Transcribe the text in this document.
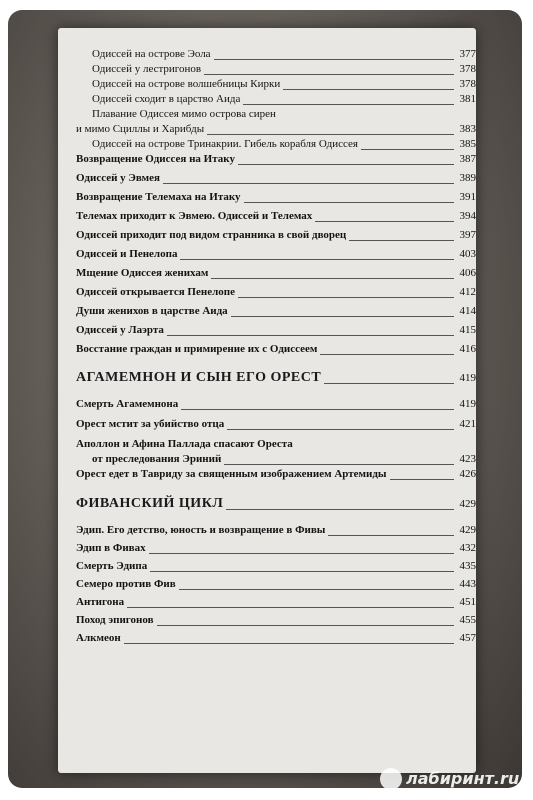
Одиссей на острове Эола	377
Одиссей у лестригонов	378
Одиссей на острове волшебницы Кирки	378
Одиссей сходит в царство Аида	381
Плавание Одиссея мимо острова сирен
и мимо Сциллы и Харибды	383
Одиссей на острове Тринакрии. Гибель корабля Одиссея	385
Возвращение Одиссея на Итаку	387
Одиссей у Эвмея	389
Возвращение Телемаха на Итаку	391
Телемах приходит к Эвмею. Одиссей и Телемах	394
Одиссей приходит под видом странника в свой дворец	397
Одиссей и Пенелопа	403
Мщение Одиссея женихам	406
Одиссей открывается Пенелопе	412
Души женихов в царстве Аида	414
Одиссей у Лаэрта	415
Восстание граждан и примирение их с Одиссеем	416
АГАМЕМНОН И СЫН ЕГО ОРЕСТ	419
Смерть Агамемнона	419
Орест мстит за убийство отца	421
Аполлон и Афина Паллада спасают Ореста
от преследования Эриний	423
Орест едет в Тавриду за священным изображением Артемиды	426
ФИВАНСКИЙ ЦИКЛ	429
Эдип. Его детство, юность и возвращение в Фивы	429
Эдип в Фивах	432
Смерть Эдипа	435
Семеро против Фив	443
Антигона	451
Поход эпигонов	455
Алкмеон	457
лабиринт.ru
